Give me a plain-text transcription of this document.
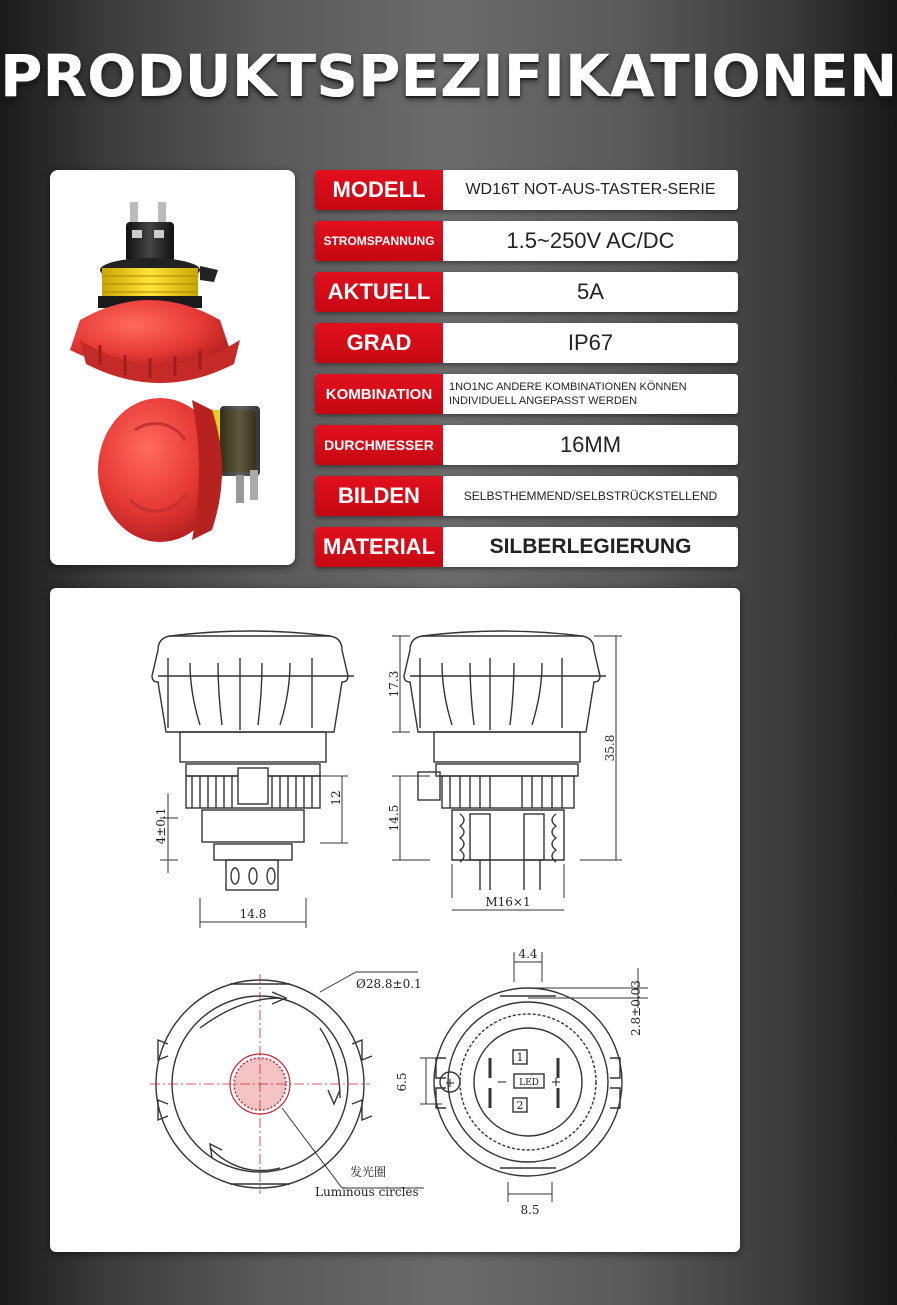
PRODUKTSPEZIFIKATIONEN
MODELL	WD16T NOT-AUS-TASTER-SERIE
STROMSPANNUNG	1.5~250V AC/DC
AKTUELL	5A
GRAD	IP67
KOMBINATION	1NO1NC ANDERE KOMBINATIONEN KÖNNEN INDIVIDUELL ANGEPASST WERDEN
DURCHMESSER	16MM
BILDEN	SELBSTHEMMEND/SELBSTRÜCKSTELLEND
MATERIAL	SILBERLEGIERUNG
4±0.1
12
14.8
17.3
14.5
35.8
M16×1
Ø28.8±0.1
发光圈
Luminous circles
4.4
2.8±0.03
6.5
8.5
1
2
LED
+	−	+
